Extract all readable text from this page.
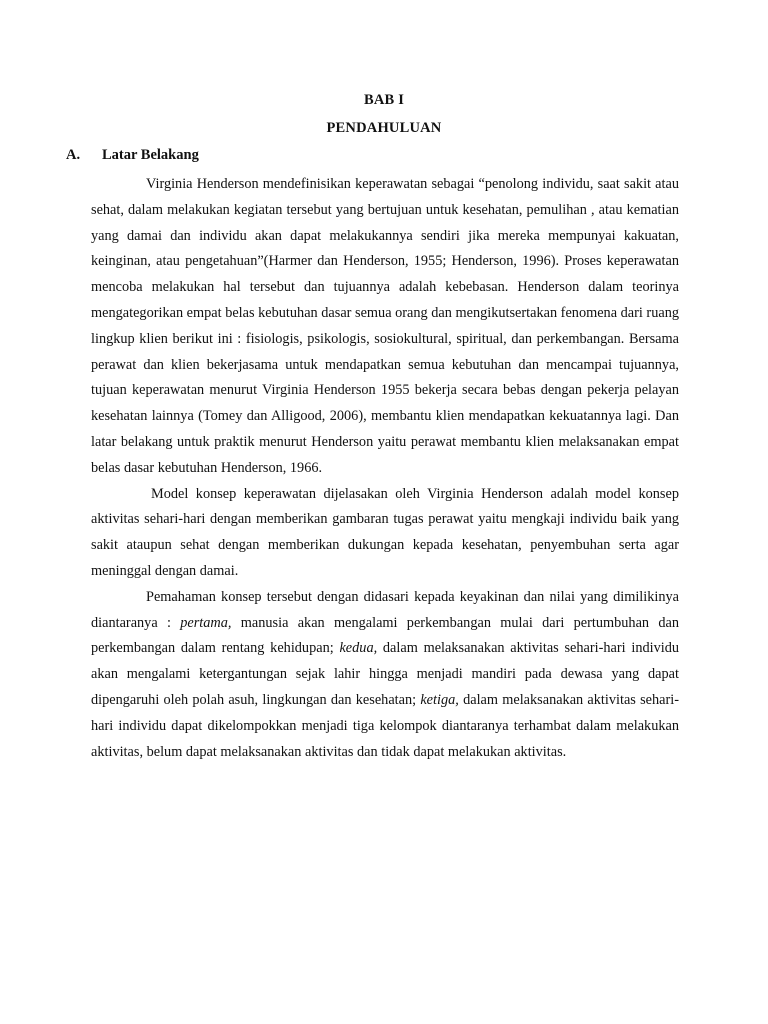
BAB I
PENDAHULUAN
A. Latar Belakang

Virginia Henderson mendefinisikan keperawatan sebagai “penolong individu, saat sakit atau sehat, dalam melakukan kegiatan tersebut yang bertujuan untuk kesehatan, pemulihan , atau kematian yang damai dan individu akan dapat melakukannya sendiri jika mereka mempunyai kakuatan, keinginan, atau pengetahuan”(Harmer dan Henderson, 1955; Henderson, 1996). Proses keperawatan mencoba melakukan hal tersebut dan tujuannya adalah kebebasan. Henderson dalam teorinya mengategorikan empat belas kebutuhan dasar semua orang dan mengikutsertakan fenomena dari ruang lingkup klien berikut ini : fisiologis, psikologis, sosiokultural, spiritual, dan perkembangan. Bersama perawat dan klien bekerjasama untuk mendapatkan semua kebutuhan dan mencampai tujuannya, tujuan keperawatan menurut Virginia Henderson 1955 bekerja secara bebas dengan pekerja pelayan kesehatan lainnya (Tomey dan Alligood, 2006), membantu klien mendapatkan kekuatannya lagi. Dan latar belakang untuk praktik menurut Henderson yaitu perawat membantu klien melaksanakan empat belas dasar kebutuhan Henderson, 1966.

Model konsep keperawatan dijelasakan oleh Virginia Henderson adalah model konsep aktivitas sehari-hari dengan memberikan gambaran tugas perawat yaitu mengkaji individu baik yang sakit ataupun sehat dengan memberikan dukungan kepada kesehatan, penyembuhan serta agar meninggal dengan damai.

Pemahaman konsep tersebut dengan didasari kepada keyakinan dan nilai yang dimilikinya diantaranya : pertama, manusia akan mengalami perkembangan mulai dari pertumbuhan dan perkembangan dalam rentang kehidupan; kedua, dalam melaksanakan aktivitas sehari-hari individu akan mengalami ketergantungan sejak lahir hingga menjadi mandiri pada dewasa yang dapat dipengaruhi oleh polah asuh, lingkungan dan kesehatan; ketiga, dalam melaksanakan aktivitas sehari-hari individu dapat dikelompokkan menjadi tiga kelompok diantaranya terhambat dalam melakukan aktivitas, belum dapat melaksanakan aktivitas dan tidak dapat melakukan aktivitas.
